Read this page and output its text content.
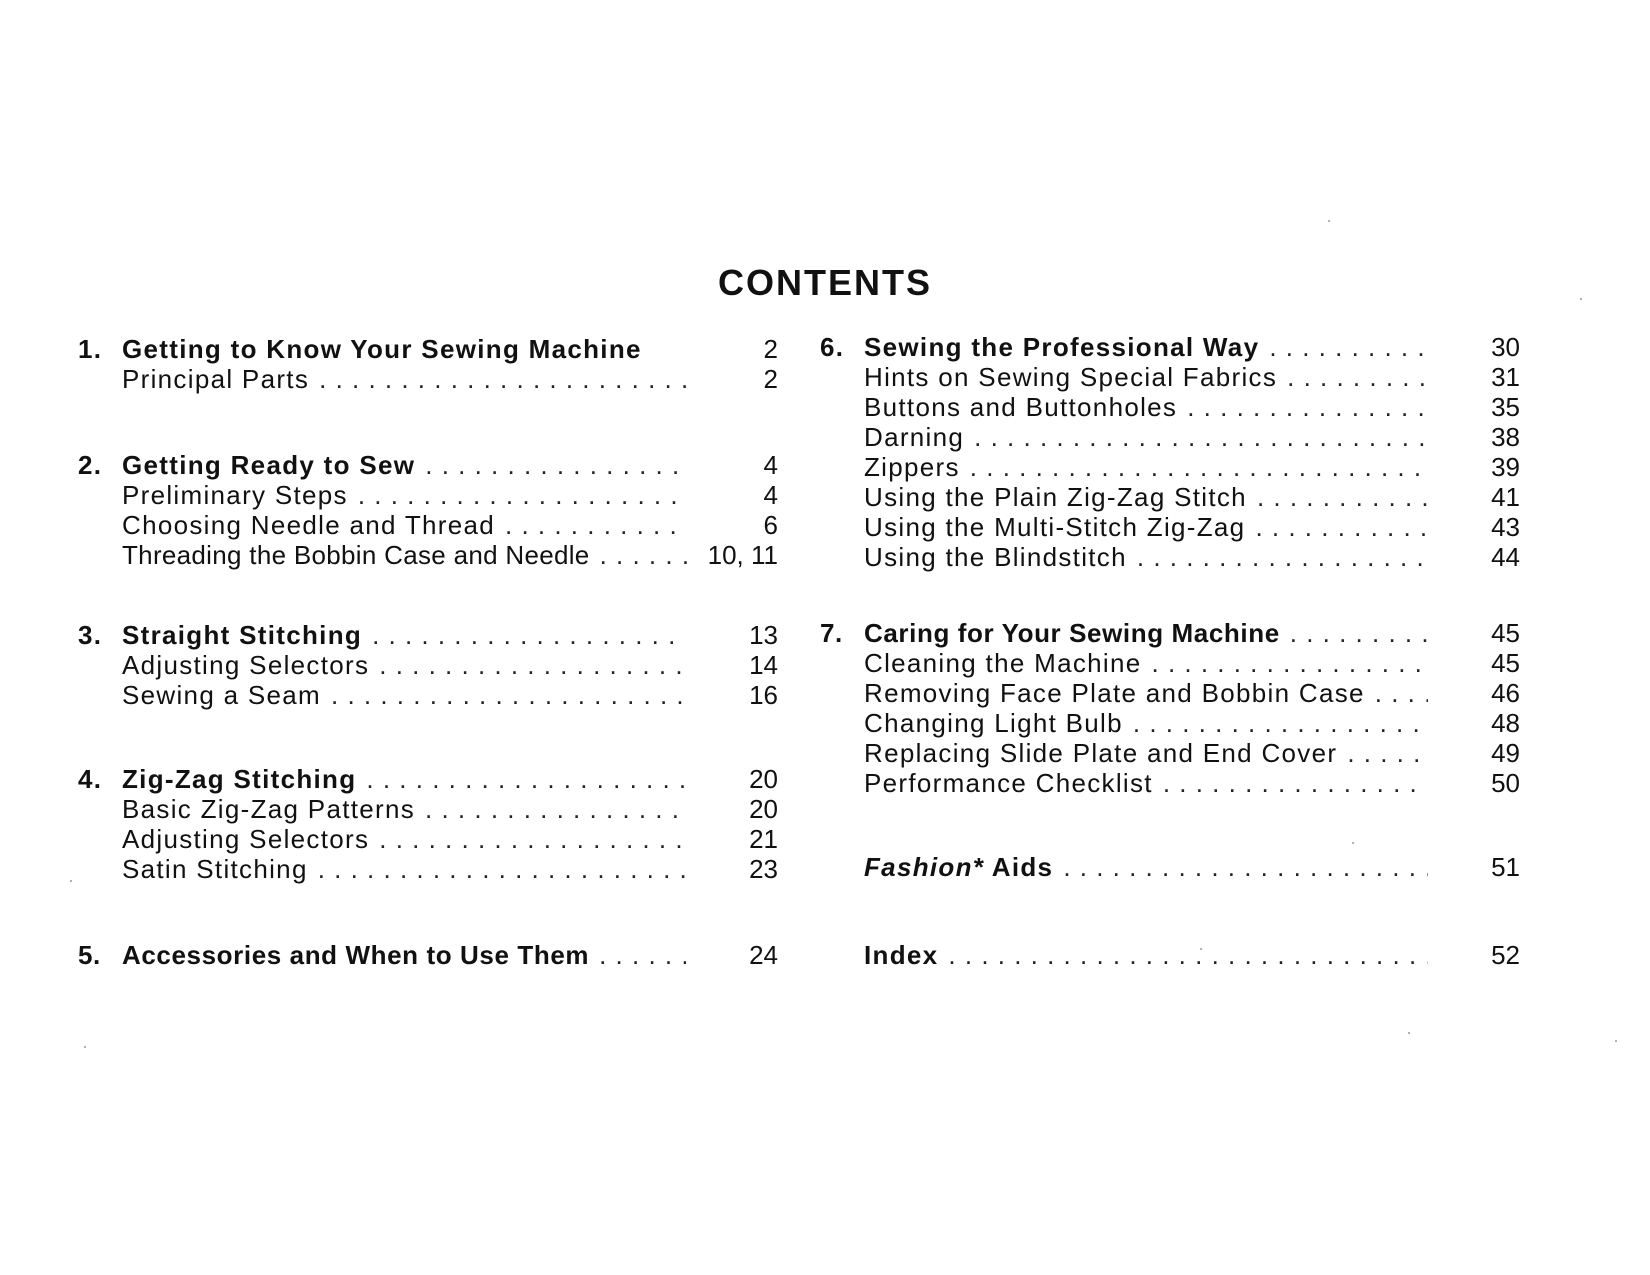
CONTENTS
1. Getting to Know Your Sewing Machine	2
Principal Parts . . .	2
2. Getting Ready to Sew . . .	4
Preliminary Steps . . .	4
Choosing Needle and Thread . . .	6
Threading the Bobbin Case and Needle . . .	10, 11
3. Straight Stitching . . .	13
Adjusting Selectors . . .	14
Sewing a Seam . . .	16
4. Zig-Zag Stitching . . .	20
Basic Zig-Zag Patterns . . .	20
Adjusting Selectors . . .	21
Satin Stitching . . .	23
5. Accessories and When to Use Them . . .	24
6. Sewing the Professional Way . . .	30
Hints on Sewing Special Fabrics . . .	31
Buttons and Buttonholes . . .	35
Darning . . .	38
Zippers . . .	39
Using the Plain Zig-Zag Stitch . . .	41
Using the Multi-Stitch Zig-Zag . . .	43
Using the Blindstitch . . .	44
7. Caring for Your Sewing Machine . . .	45
Cleaning the Machine . . .	45
Removing Face Plate and Bobbin Case . . .	46
Changing Light Bulb . . .	48
Replacing Slide Plate and End Cover . . .	49
Performance Checklist . . .	50
Fashion* Aids . . .	51
Index . . .	52
